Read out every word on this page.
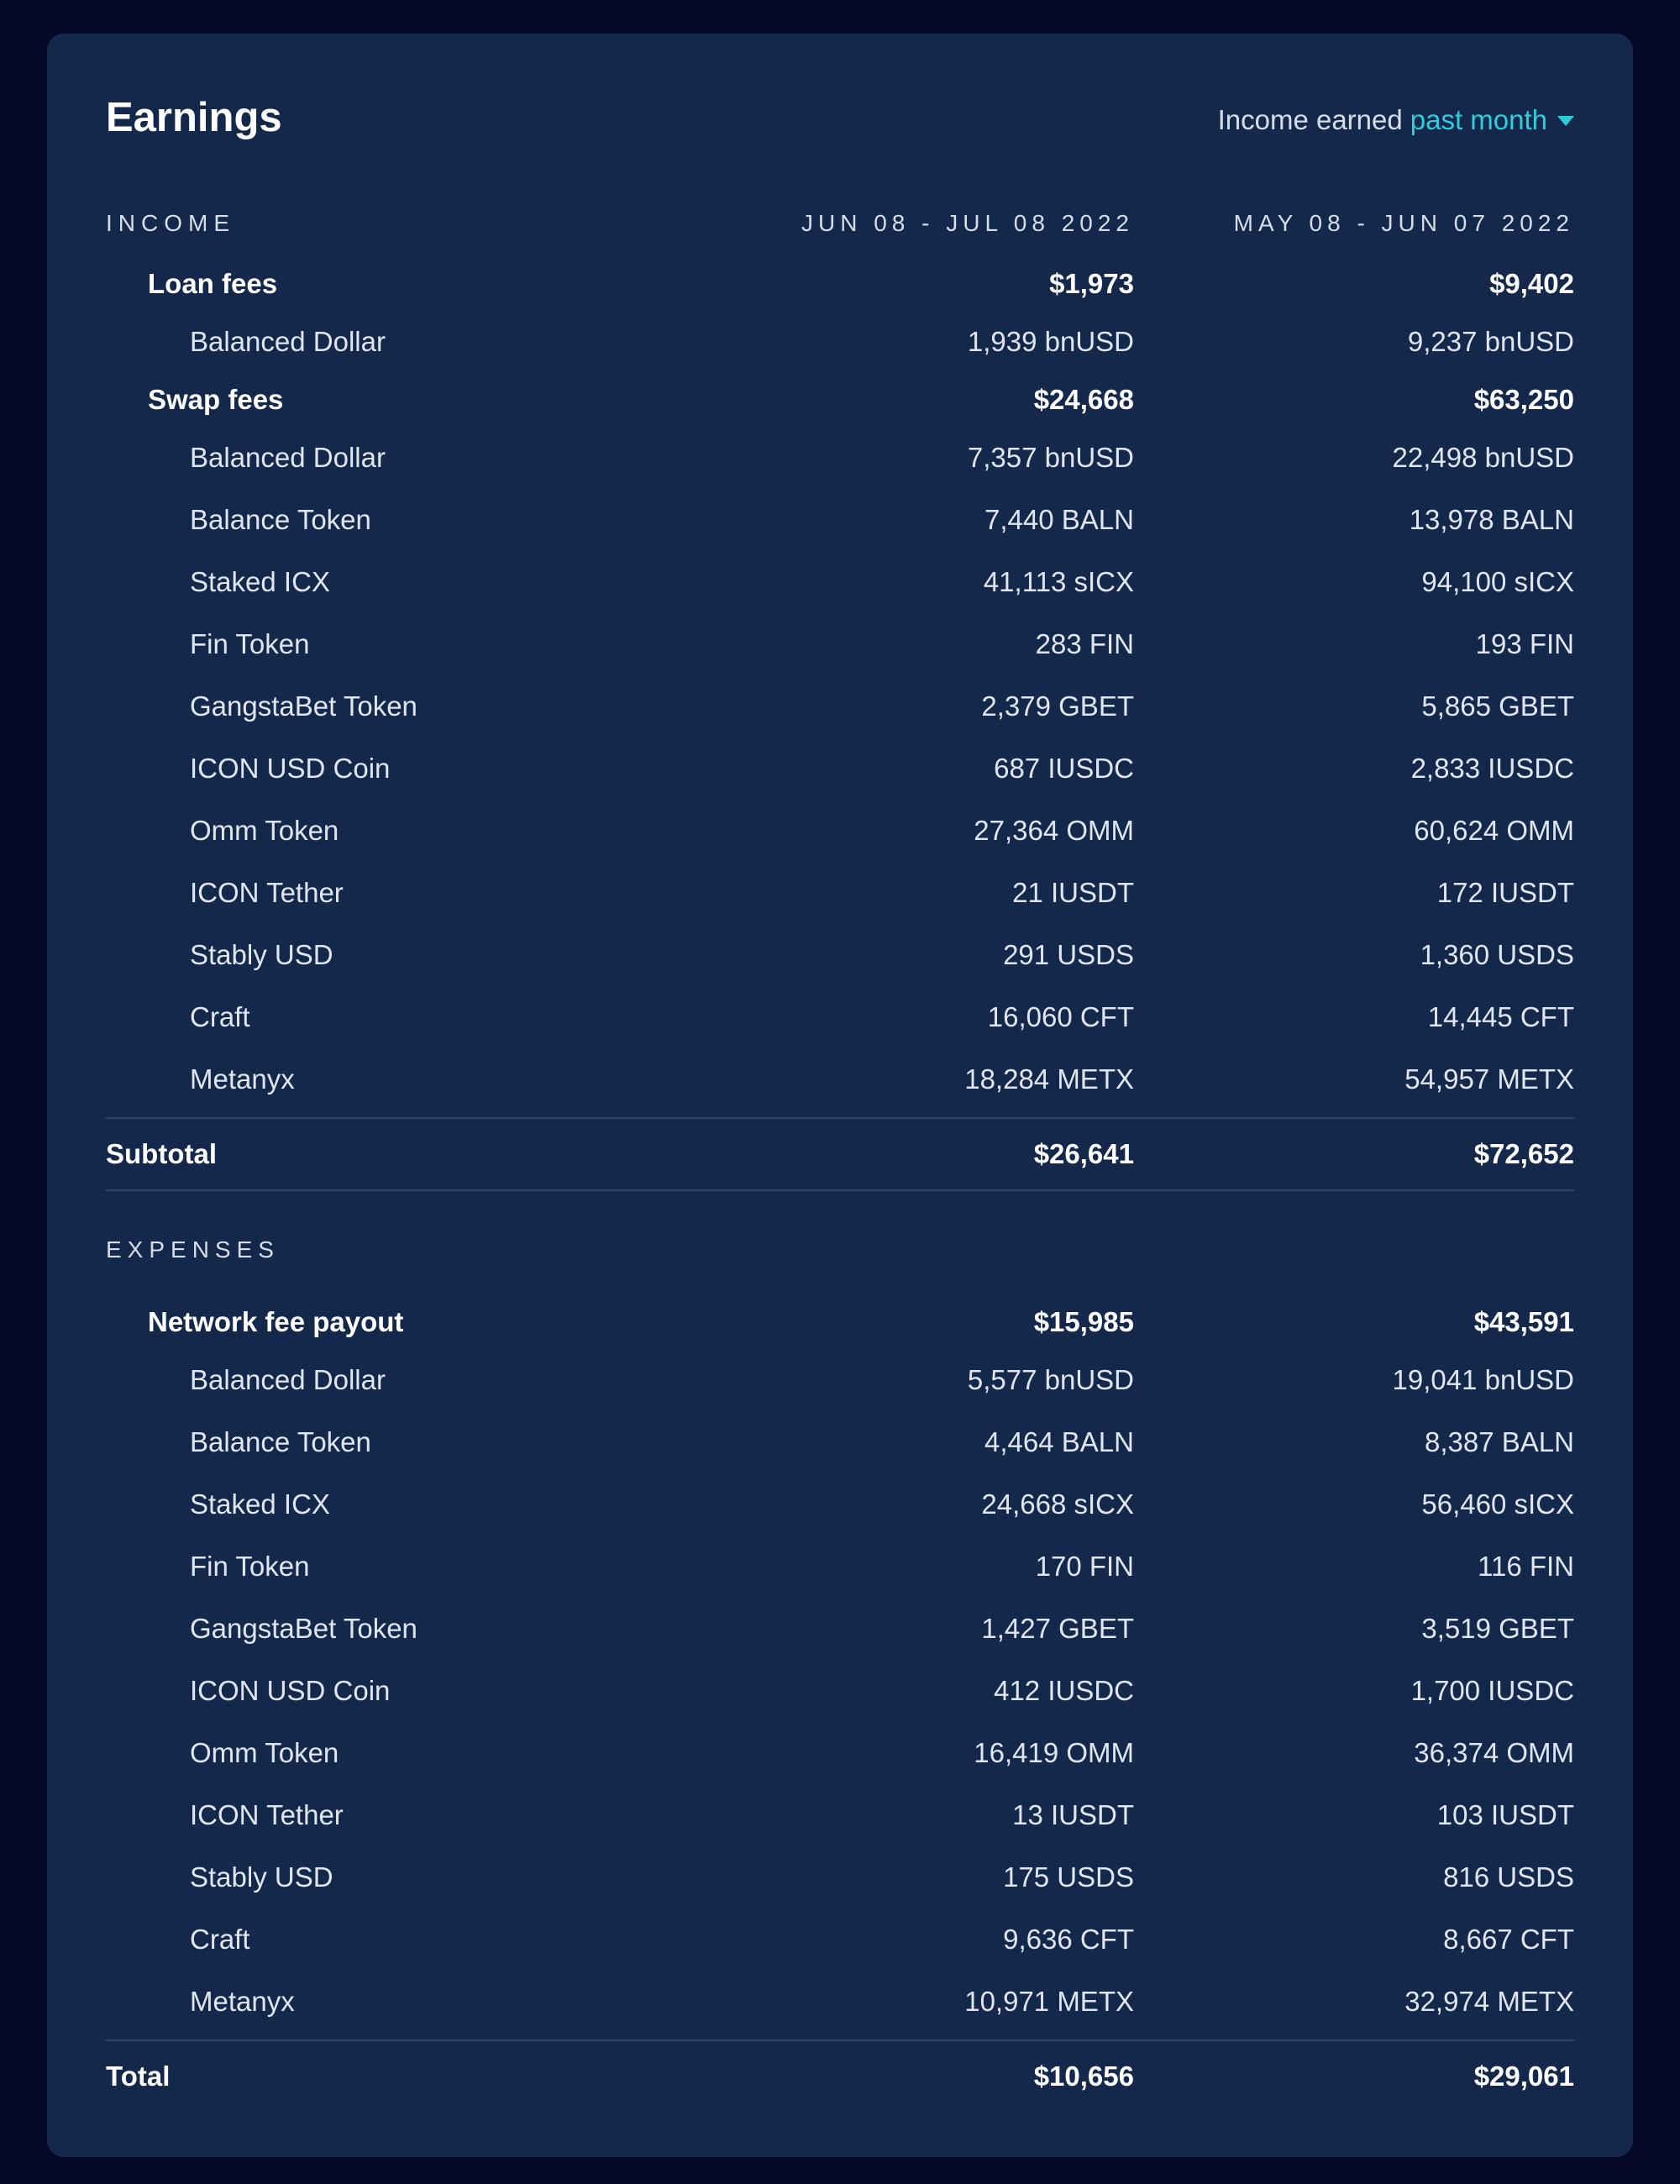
Earnings	Income earned past month
INCOME	JUN 08 - JUL 08 2022	MAY 08 - JUN 07 2022
Loan fees	$1,973	$9,402
Balanced Dollar	1,939 bnUSD	9,237 bnUSD
Swap fees	$24,668	$63,250
Balanced Dollar	7,357 bnUSD	22,498 bnUSD
Balance Token	7,440 BALN	13,978 BALN
Staked ICX	41,113 sICX	94,100 sICX
Fin Token	283 FIN	193 FIN
GangstaBet Token	2,379 GBET	5,865 GBET
ICON USD Coin	687 IUSDC	2,833 IUSDC
Omm Token	27,364 OMM	60,624 OMM
ICON Tether	21 IUSDT	172 IUSDT
Stably USD	291 USDS	1,360 USDS
Craft	16,060 CFT	14,445 CFT
Metanyx	18,284 METX	54,957 METX
Subtotal	$26,641	$72,652
EXPENSES
Network fee payout	$15,985	$43,591
Balanced Dollar	5,577 bnUSD	19,041 bnUSD
Balance Token	4,464 BALN	8,387 BALN
Staked ICX	24,668 sICX	56,460 sICX
Fin Token	170 FIN	116 FIN
GangstaBet Token	1,427 GBET	3,519 GBET
ICON USD Coin	412 IUSDC	1,700 IUSDC
Omm Token	16,419 OMM	36,374 OMM
ICON Tether	13 IUSDT	103 IUSDT
Stably USD	175 USDS	816 USDS
Craft	9,636 CFT	8,667 CFT
Metanyx	10,971 METX	32,974 METX
Total	$10,656	$29,061
